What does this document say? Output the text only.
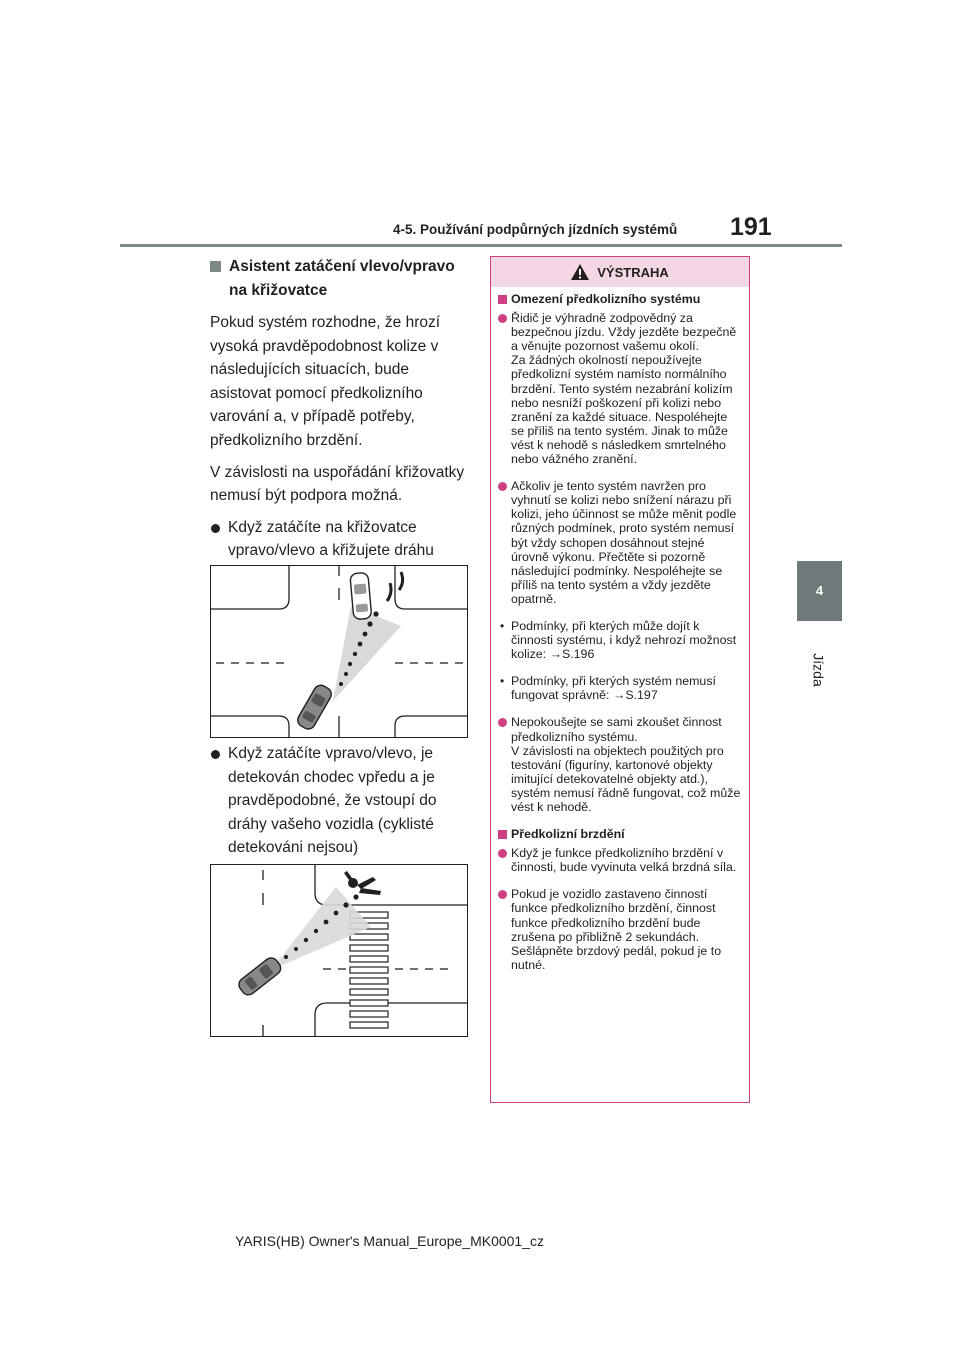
4-5. Používání podpůrných jízdních systémů 191
4
Jízda
Asistent zatáčení vlevo/vpravo na křižovatce
Pokud systém rozhodne, že hrozí vysoká pravděpodobnost kolize v následujících situacích, bude asistovat pomocí předkolizního varování a, v případě potřeby, předkolizního brzdění.
V závislosti na uspořádání křižovatky nemusí být podpora možná.
Když zatáčíte na křižovatce vpravo/vlevo a křižujete dráhu
Když zatáčíte vpravo/vlevo, je detekován chodec vpředu a je pravděpodobné, že vstoupí do dráhy vašeho vozidla (cyklisté detekováni nejsou)
VÝSTRAHA
Omezení předkolizního systému
Řidič je výhradně zodpovědný za bezpečnou jízdu. Vždy jezděte bezpečně a věnujte pozornost vašemu okolí.
Za žádných okolností nepoužívejte předkolizní systém namísto normálního brzdění. Tento systém nezabrání kolizím nebo nesníží poškození při kolizi nebo zranění za každé situace. Nespoléhejte se příliš na tento systém. Jinak to může vést k nehodě s následkem smrtelného nebo vážného zranění.
Ačkoliv je tento systém navržen pro vyhnutí se kolizi nebo snížení nárazu při kolizi, jeho účinnost se může měnit podle různých podmínek, proto systém nemusí být vždy schopen dosáhnout stejné úrovně výkonu. Přečtěte si pozorně následující podmínky. Nespoléhejte se příliš na tento systém a vždy jezděte opatrně.
• Podmínky, při kterých může dojít k činnosti systému, i když nehrozí možnost kolize: →S.196
• Podmínky, při kterých systém nemusí fungovat správně: →S.197
Nepokoušejte se sami zkoušet činnost předkolizního systému.
V závislosti na objektech použitých pro testování (figuríny, kartonové objekty imitující detekovatelné objekty atd.), systém nemusí řádně fungovat, což může vést k nehodě.
Předkolizní brzdění
Když je funkce předkolizního brzdění v činnosti, bude vyvinuta velká brzdná síla.
Pokud je vozidlo zastaveno činností funkce předkolizního brzdění, činnost funkce předkolizního brzdění bude zrušena po přibližně 2 sekundách. Sešlápněte brzdový pedál, pokud je to nutné.
YARIS(HB) Owner's Manual_Europe_MK0001_cz
